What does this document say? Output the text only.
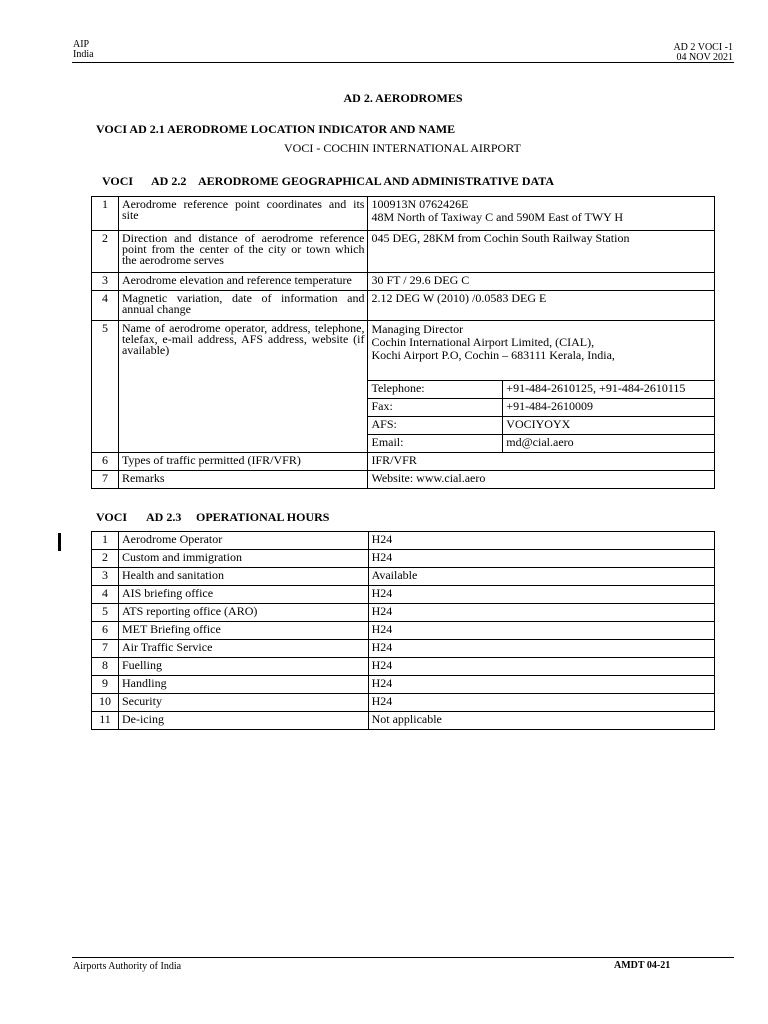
AIP
India
AD 2 VOCI -1
04 NOV 2021
AD 2. AERODROMES
VOCI AD 2.1 AERODROME LOCATION INDICATOR AND NAME
VOCI - COCHIN INTERNATIONAL AIRPORT
VOCI AD 2.2 AERODROME GEOGRAPHICAL AND ADMINISTRATIVE DATA
1	Aerodrome reference point coordinates and its site	100913N 0762426E
48M North of Taxiway C and 590M East of TWY H	

2	Direction and distance of aerodrome reference point from the center of the city or town which the aerodrome serves	045 DEG, 28KM from Cochin South Railway Station	
3	Aerodrome elevation and reference temperature	30 FT / 29.6 DEG C	
4	Magnetic variation, date of information and annual change	2.12 DEG W (2010) /0.0583 DEG E	
5	Name of aerodrome operator, address, telephone, telefax, e-mail address, AFS address, website (if available)	Managing Director
Cochin International Airport Limited, (CIAL),
Kochi Airport P.O, Cochin – 683111 Kerala, India,	

		Telephone:	+91-484-2610125, +91-484-2610115
		Fax:	+91-484-2610009
		AFS:	VOCIYOYX
		Email:	md@cial.aero
6	Types of traffic permitted (IFR/VFR)	IFR/VFR	
7	Remarks	Website: www.cial.aero	
VOCI AD 2.3 OPERATIONAL HOURS
1	Aerodrome Operator	H24
2	Custom and immigration	H24
3	Health and sanitation	Available
4	AIS briefing office	H24
5	ATS reporting office (ARO)	H24
6	MET Briefing office	H24
7	Air Traffic Service	H24
8	Fuelling	H24
9	Handling	H24
10	Security	H24
11	De-icing	Not applicable
Airports Authority of India	AMDT 04-21
